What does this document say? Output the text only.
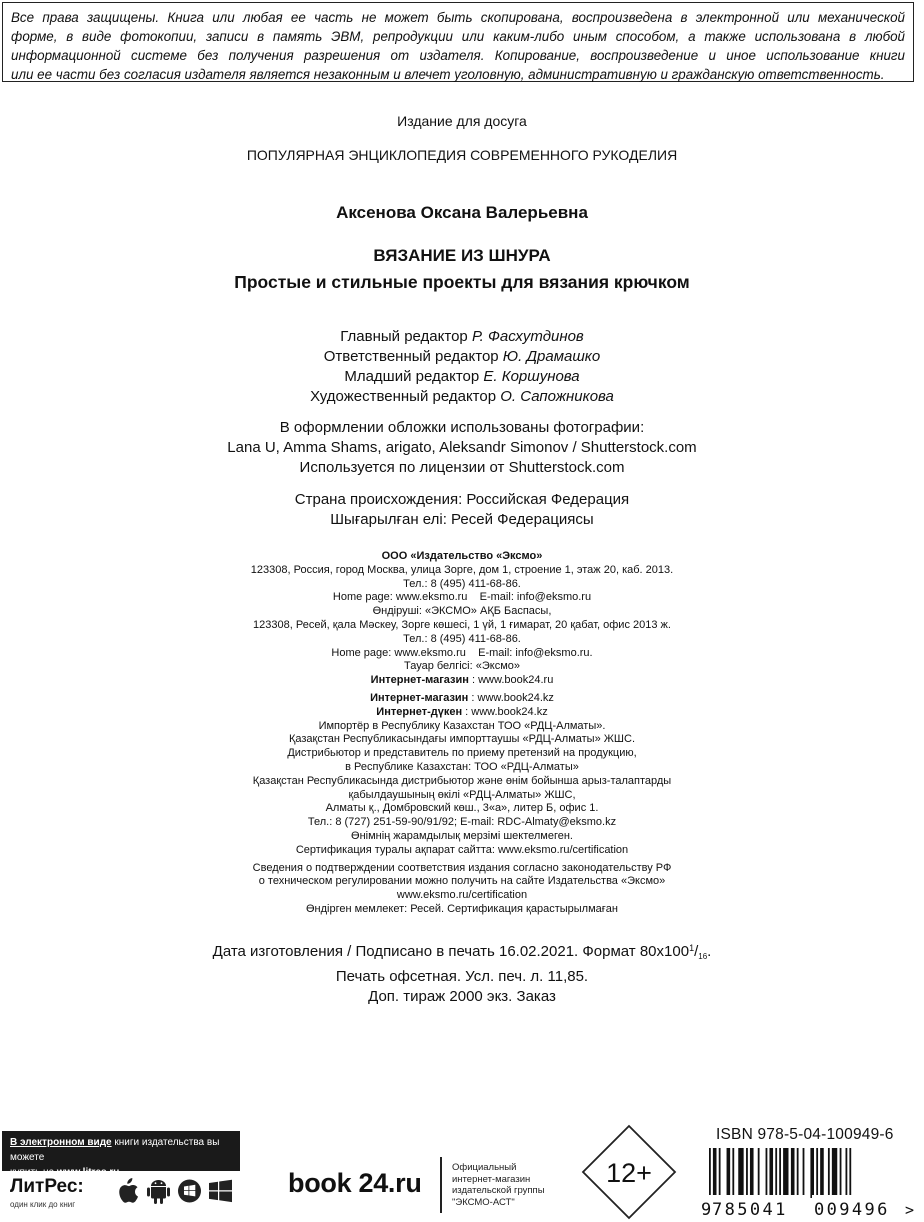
Все права защищены. Книга или любая ее часть не может быть скопирована, воспроизведена в электронной или механической
форме, в виде фотокопии, записи в память ЭВМ, репродукции или каким-либо иным способом, а также использована в любой
информационной системе без получения разрешения от издателя. Копирование, воспроизведение и иное использование книги
или ее части без согласия издателя является незаконным и влечет уголовную, административную и гражданскую ответственность.
Издание для досуга
ПОПУЛЯРНАЯ ЭНЦИКЛОПЕДИЯ СОВРЕМЕННОГО РУКОДЕЛИЯ
Аксенова Оксана Валерьевна
ВЯЗАНИЕ ИЗ ШНУРА
Простые и стильные проекты для вязания крючком
Главный редактор Р. Фасхутдинов
Ответственный редактор Ю. Драмашко
Младший редактор Е. Коршунова
Художественный редактор О. Сапожникова
В оформлении обложки использованы фотографии:
Lana U, Amma Shams, arigato, Aleksandr Simonov / Shutterstock.com
Используется по лицензии от Shutterstock.com
Страна происхождения: Российская Федерация
Шығарылған елі: Ресей Федерациясы
ООО «Издательство «Эксмо»
123308, Россия, город Москва, улица Зорге, дом 1, строение 1, этаж 20, каб. 2013.
Тел.: 8 (495) 411-68-86.
Home page: www.eksmo.ru    E-mail: info@eksmo.ru
Өндіруші: «ЭКСМО» АҚБ Баспасы,
123308, Ресей, қала Мәскеу, Зорге көшесі, 1 үй, 1 ғимарат, 20 қабат, офис 2013 ж.
Тел.: 8 (495) 411-68-86.
Home page: www.eksmo.ru    E-mail: info@eksmo.ru.
Тауар белгісі: «Эксмо»
Интернет-магазин : www.book24.ru
Интернет-магазин : www.book24.kz
Интернет-дүкен : www.book24.kz
Импортёр в Республику Казахстан ТОО «РДЦ-Алматы».
Қазақстан Республикасындағы импорттаушы «РДЦ-Алматы» ЖШС.
Дистрибьютор и представитель по приему претензий на продукцию,
в Республике Казахстан: ТОО «РДЦ-Алматы»
Қазақстан Республикасында дистрибьютор және өнім бойынша арыз-талаптарды
қабылдаушының өкілі «РДЦ-Алматы» ЖШС,
Алматы қ., Домбровский көш., 3«а», литер Б, офис 1.
Тел.: 8 (727) 251-59-90/91/92; E-mail: RDC-Almaty@eksmo.kz
Өнімнің жарамдылық мерзімі шектелмеген.
Сертификация туралы ақпарат сайтта: www.eksmo.ru/certification
Сведения о подтверждении соответствия издания согласно законодательству РФ
о техническом регулировании можно получить на сайте Издательства «Эксмо»
www.eksmo.ru/certification
Өндірген мемлекет: Ресей. Сертификация қарастырылмаған
Дата изготовления / Подписано в печать 16.02.2021. Формат $80x100^1/_{16}$.
Печать офсетная. Усл. печ. л. 11,85.
Доп. тираж 2000 экз. Заказ
В электронном виде книги издательства вы можете
купить на www.litres.ru
ЛитРес:
один клик до книг
book 24.ru
Официальный
интернет-магазин
издательской группы
"ЭКСМО-АСТ"
12+
ISBN 978-5-04-100949-6
9 785041 009496 >
